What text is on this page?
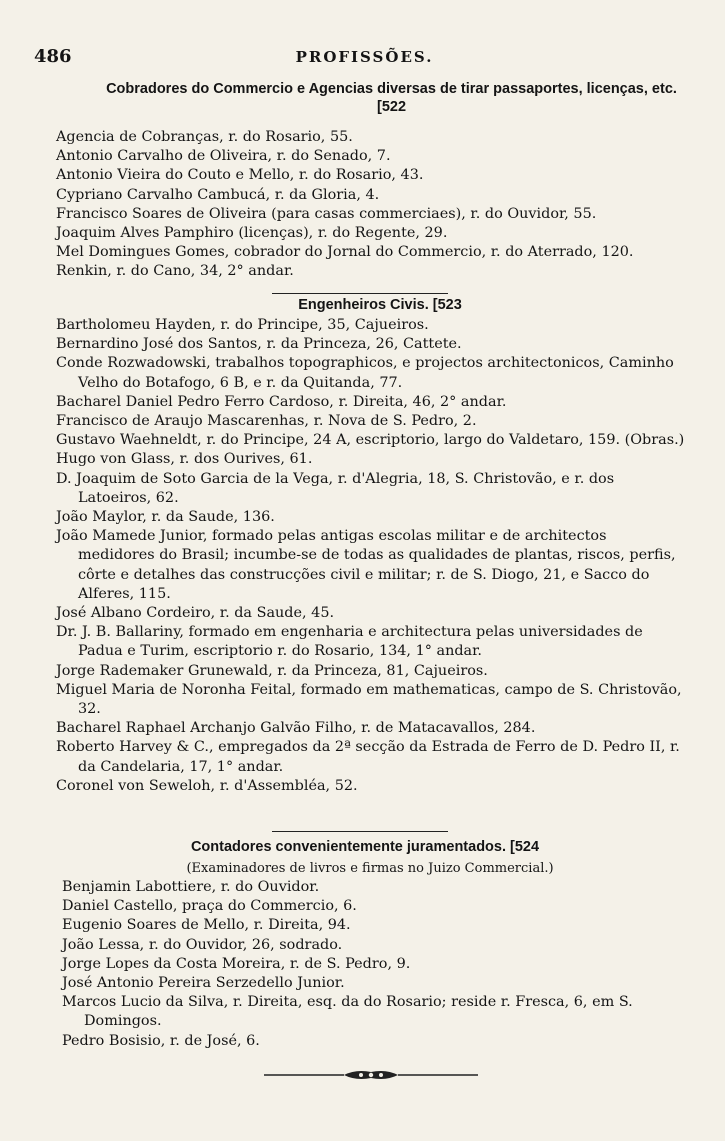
486	PROFISSÕES.
Cobradores do Commercio e Agencias diversas de tirar passaportes, licenças, etc. [522
Agencia de Cobranças, r. do Rosario, 55.
Antonio Carvalho de Oliveira, r. do Senado, 7.
Antonio Vieira do Couto e Mello, r. do Rosario, 43.
Cypriano Carvalho Cambucá, r. da Gloria, 4.
Francisco Soares de Oliveira (para casas commerciaes), r. do Ouvidor, 55.
Joaquim Alves Pamphiro (licenças), r. do Regente, 29.
Mel Domingues Gomes, cobrador do Jornal do Commercio, r. do Aterrado, 120.
Renkin, r. do Cano, 34, 2° andar.
Engenheiros Civis. [523
Bartholomeu Hayden, r. do Principe, 35, Cajueiros.
Bernardino José dos Santos, r. da Princeza, 26, Cattete.
Conde Rozwadowski, trabalhos topographicos, e projectos architectonicos, Caminho Velho do Botafogo, 6 B, e r. da Quitanda, 77.
Bacharel Daniel Pedro Ferro Cardoso, r. Direita, 46, 2° andar.
Francisco de Araujo Mascarenhas, r. Nova de S. Pedro, 2.
Gustavo Waehneldt, r. do Principe, 24 A, escriptorio, largo do Valdetaro, 159. (Obras.)
Hugo von Glass, r. dos Ourives, 61.
D. Joaquim de Soto Garcia de la Vega, r. d'Alegria, 18, S. Christovão, e r. dos Latoeiros, 62.
João Maylor, r. da Saude, 136.
João Mamede Junior, formado pelas antigas escolas militar e de architectos medidores do Brasil; incumbe-se de todas as qualidades de plantas, riscos, perfis, côrte e detalhes das construcções civil e militar; r. de S. Diogo, 21, e Sacco do Alferes, 115.
José Albano Cordeiro, r. da Saude, 45.
Dr. J. B. Ballariny, formado em engenharia e architectura pelas universidades de Padua e Turim, escriptorio r. do Rosario, 134, 1° andar.
Jorge Rademaker Grunewald, r. da Princeza, 81, Cajueiros.
Miguel Maria de Noronha Feital, formado em mathematicas, campo de S. Christovão, 32.
Bacharel Raphael Archanjo Galvão Filho, r. de Matacavallos, 284.
Roberto Harvey & C., empregados da 2ª secção da Estrada de Ferro de D. Pedro II, r. da Candelaria, 17, 1° andar.
Coronel von Seweloh, r. d'Assembléa, 52.
Contadores convenientemente juramentados. [524
(Examinadores de livros e firmas no Juizo Commercial.)
Benjamin Labottiere, r. do Ouvidor.
Daniel Castello, praça do Commercio, 6.
Eugenio Soares de Mello, r. Direita, 94.
João Lessa, r. do Ouvidor, 26, sodrado.
Jorge Lopes da Costa Moreira, r. de S. Pedro, 9.
José Antonio Pereira Serzedello Junior.
Marcos Lucio da Silva, r. Direita, esq. da do Rosario; reside r. Fresca, 6, em S. Domingos.
Pedro Bosisio, r. de José, 6.
